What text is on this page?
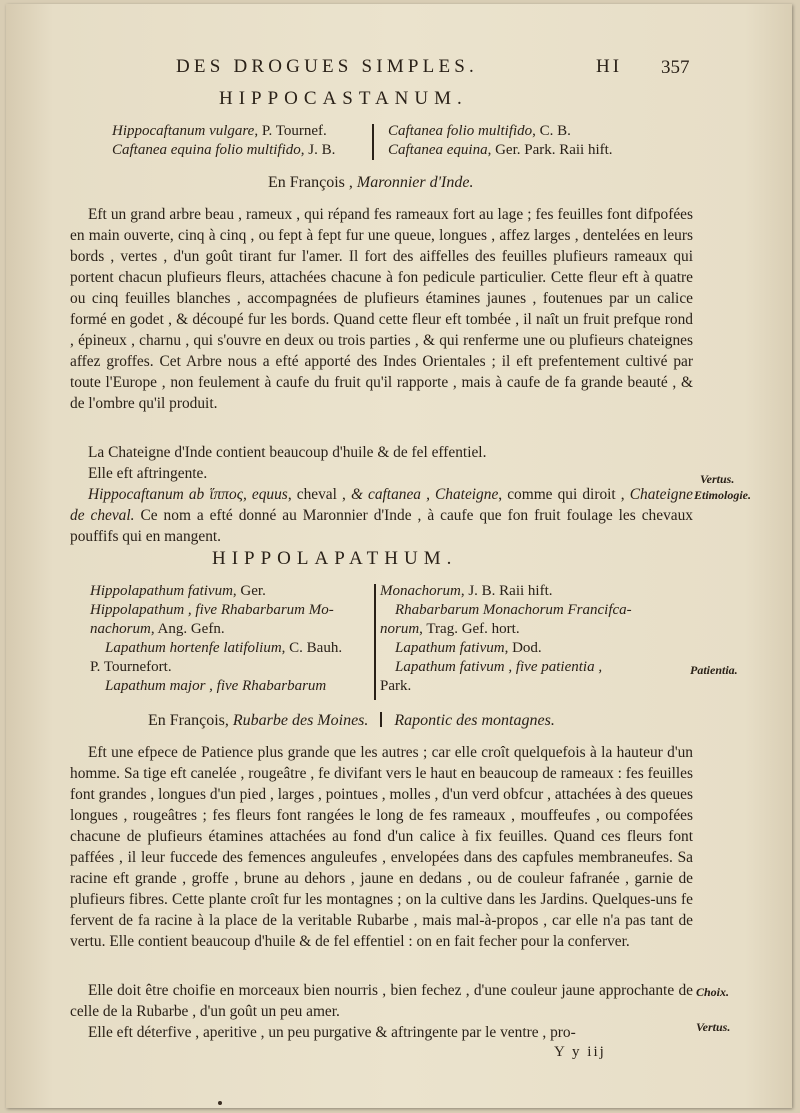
DES DROGUES SIMPLES.	HI 357
HIPPOCASTANUM.
Hippocaftanum vulgare, P. Tournef.
Caftanea equina folio multifido, J. B.
Caftanea folio multifido, C. B.
Caftanea equina, Ger. Park. Raii hift.
En François , Maronnier d'Inde.
Eft un grand arbre beau , rameux , qui répand fes rameaux fort au lage ; fes feuilles font difpofées en main ouverte, cinq à cinq , ou fept à fept fur une queue, longues , affez larges , dentelées en leurs bords , vertes , d'un goût tirant fur l'amer. Il fort des aiffelles des feuilles plufieurs rameaux qui portent chacun plufieurs fleurs, attachées chacune à fon pedicule particulier. Cette fleur eft à quatre ou cinq feuilles blanches , accompagnées de plufieurs étamines jaunes , foutenues par un calice formé en godet , & découpé fur les bords. Quand cette fleur eft tombée , il naît un fruit prefque rond , épineux , charnu , qui s'ouvre en deux ou trois parties , & qui renferme une ou plufieurs chateignes affez groffes. Cet Arbre nous a efté apporté des Indes Orientales ; il eft prefentement cultivé par toute l'Europe , non feulement à caufe du fruit qu'il rapporte , mais à caufe de fa grande beauté , & de l'ombre qu'il produit.
La Chateigne d'Inde contient beaucoup d'huile & de fel effentiel.
Elle eft aftringente.
Hippocaftanum ab ἵππος, equus, cheval , & caftanea , Chateigne, comme qui diroit , Chateigne de cheval. Ce nom a efté donné au Maronnier d'Inde , à caufe que fon fruit foulage les chevaux pouffifs qui en mangent.
Vertus.
Etimologie.
HIPPOLAPATHUM.
Hippolapathum fativum, Ger.
Hippolapathum , five Rhabarbarum Mo-
nachorum, Ang. Gefn.
Lapathum hortenfe latifolium, C. Bauh.
P. Tournefort.
Lapathum major , five Rhabarbarum
Monachorum, J. B. Raii hift.
Rhabarbarum Monachorum Francifca-
norum, Trag. Gef. hort.
Lapathum fativum, Dod.
Lapathum fativum , five patientia ,
Park.
Patientia.
En François, Rubarbe des Moines. Rapontic des montagnes.
Eft une efpece de Patience plus grande que les autres ; car elle croît quelquefois à la hauteur d'un homme. Sa tige eft canelée , rougeâtre , fe divifant vers le haut en beaucoup de rameaux : fes feuilles font grandes , longues d'un pied , larges , pointues , molles , d'un verd obfcur , attachées à des queues longues , rougeâtres ; fes fleurs font rangées le long de fes rameaux , mouffeufes , ou compofées chacune de plufieurs étamines attachées au fond d'un calice à fix feuilles. Quand ces fleurs font paffées , il leur fuccede des femences anguleufes , envelopées dans des capfules membraneufes. Sa racine eft grande , groffe , brune au dehors , jaune en dedans , ou de couleur fafranée , garnie de plufieurs fibres. Cette plante croît fur les montagnes ; on la cultive dans les Jardins. Quelques-uns fe fervent de fa racine à la place de la veritable Rubarbe , mais mal-à-propos , car elle n'a pas tant de vertu. Elle contient beaucoup d'huile & de fel effentiel : on en fait fecher pour la conferver.
Elle doit être choifie en morceaux bien nourris , bien fechez , d'une couleur jaune approchante de celle de la Rubarbe , d'un goût un peu amer.
Elle eft déterfive , aperitive , un peu purgative & aftringente par le ventre , pro-
Choix.
Vertus.
Y y iij
